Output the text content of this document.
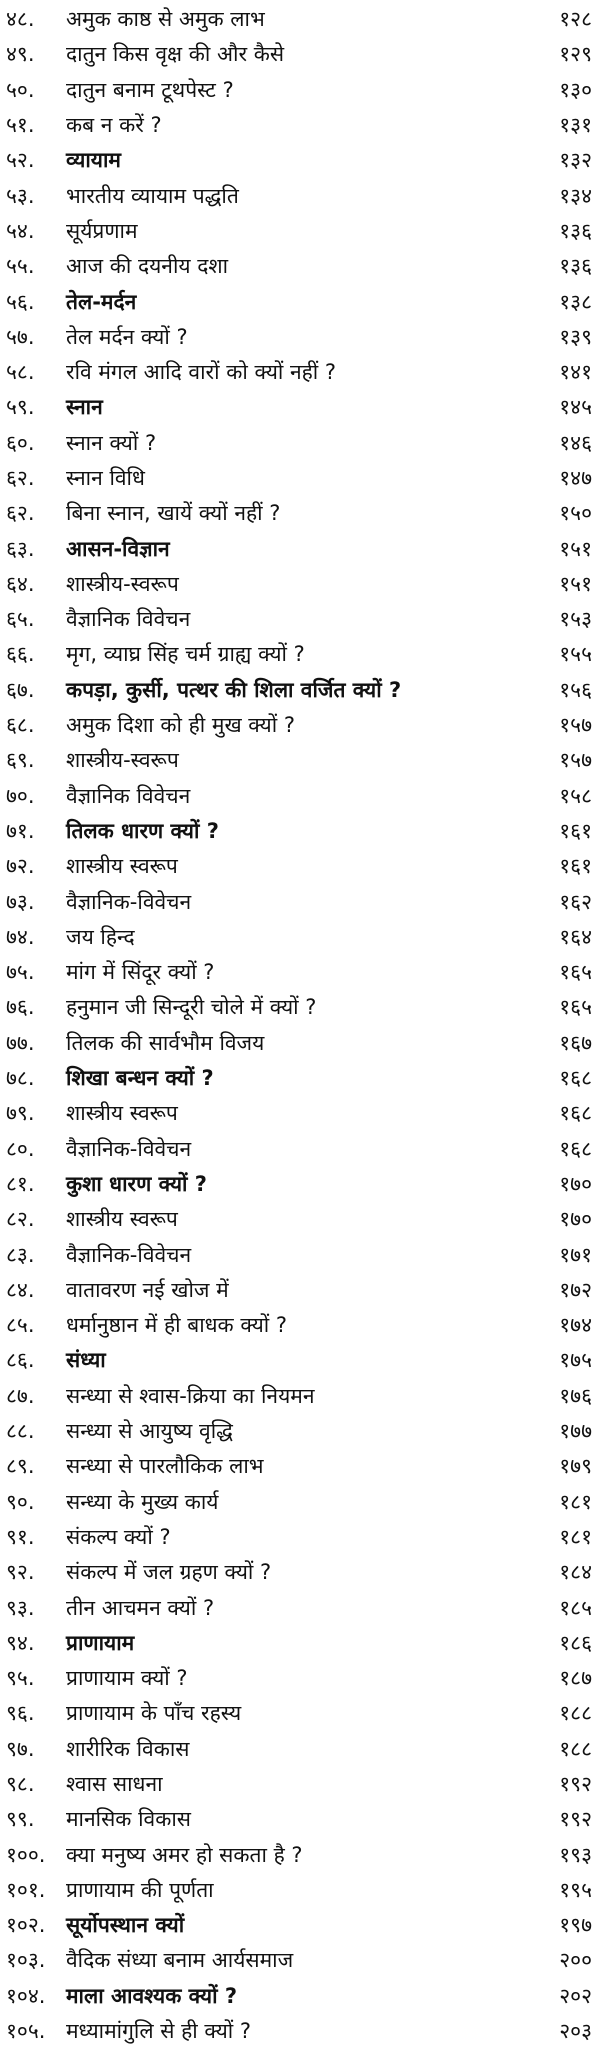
४८.	अमुक काष्ठ से अमुक लाभ	१२८
४९.	दातुन किस वृक्ष की और कैसे	१२९
५०.	दातुन बनाम टूथपेस्ट ?	१३०
५१.	कब न करें ?	१३१
५२.	व्यायाम	१३२
५३.	भारतीय व्यायाम पद्धति	१३४
५४.	सूर्यप्रणाम	१३६
५५.	आज की दयनीय दशा	१३६
५६.	तेल-मर्दन	१३८
५७.	तेल मर्दन क्यों ?	१३९
५८.	रवि मंगल आदि वारों को क्यों नहीं ?	१४१
५९.	स्नान	१४५
६०.	स्नान क्यों ?	१४६
६२.	स्नान विधि	१४७
६२.	बिना स्नान, खायें क्यों नहीं ?	१५०
६३.	आसन-विज्ञान	१५१
६४.	शास्त्रीय-स्वरूप	१५१
६५.	वैज्ञानिक विवेचन	१५३
६६.	मृग, व्याघ्र सिंह चर्म ग्राह्य क्यों ?	१५५
६७.	कपड़ा, कुर्सी, पत्थर की शिला वर्जित क्यों ?	१५६
६८.	अमुक दिशा को ही मुख क्यों ?	१५७
६९.	शास्त्रीय-स्वरूप	१५७
७०.	वैज्ञानिक विवेचन	१५८
७१.	तिलक धारण क्यों ?	१६१
७२.	शास्त्रीय स्वरूप	१६१
७३.	वैज्ञानिक-विवेचन	१६२
७४.	जय हिन्द	१६४
७५.	मांग में सिंदूर क्यों ?	१६५
७६.	हनुमान जी सिन्दूरी चोले में क्यों ?	१६५
७७.	तिलक की सार्वभौम विजय	१६७
७८.	शिखा बन्धन क्यों ?	१६८
७९.	शास्त्रीय स्वरूप	१६८
८०.	वैज्ञानिक-विवेचन	१६८
८१.	कुशा धारण क्यों ?	१७०
८२.	शास्त्रीय स्वरूप	१७०
८३.	वैज्ञानिक-विवेचन	१७१
८४.	वातावरण नई खोज में	१७२
८५.	धर्मानुष्ठान में ही बाधक क्यों ?	१७४
८६.	संध्या	१७५
८७.	सन्ध्या से श्वास-क्रिया का नियमन	१७६
८८.	सन्ध्या से आयुष्य वृद्धि	१७७
८९.	सन्ध्या से पारलौकिक लाभ	१७९
९०.	सन्ध्या के मुख्य कार्य	१८१
९१.	संकल्प क्यों ?	१८१
९२.	संकल्प में जल ग्रहण क्यों ?	१८४
९३.	तीन आचमन क्यों ?	१८५
९४.	प्राणायाम	१८६
९५.	प्राणायाम क्यों ?	१८७
९६.	प्राणायाम के पाँच रहस्य	१८८
९७.	शारीरिक विकास	१८८
९८.	श्वास साधना	१९२
९९.	मानसिक विकास	१९२
१००. क्या मनुष्य अमर हो सकता है ?	१९३
१०१. प्राणायाम की पूर्णता	१९५
१०२. सूर्योपस्थान क्यों	१९७
१०३. वैदिक संध्या बनाम आर्यसमाज	२००
१०४. माला आवश्यक क्यों ?	२०२
१०५. मध्यामांगुलि से ही क्यों ?	२०३
